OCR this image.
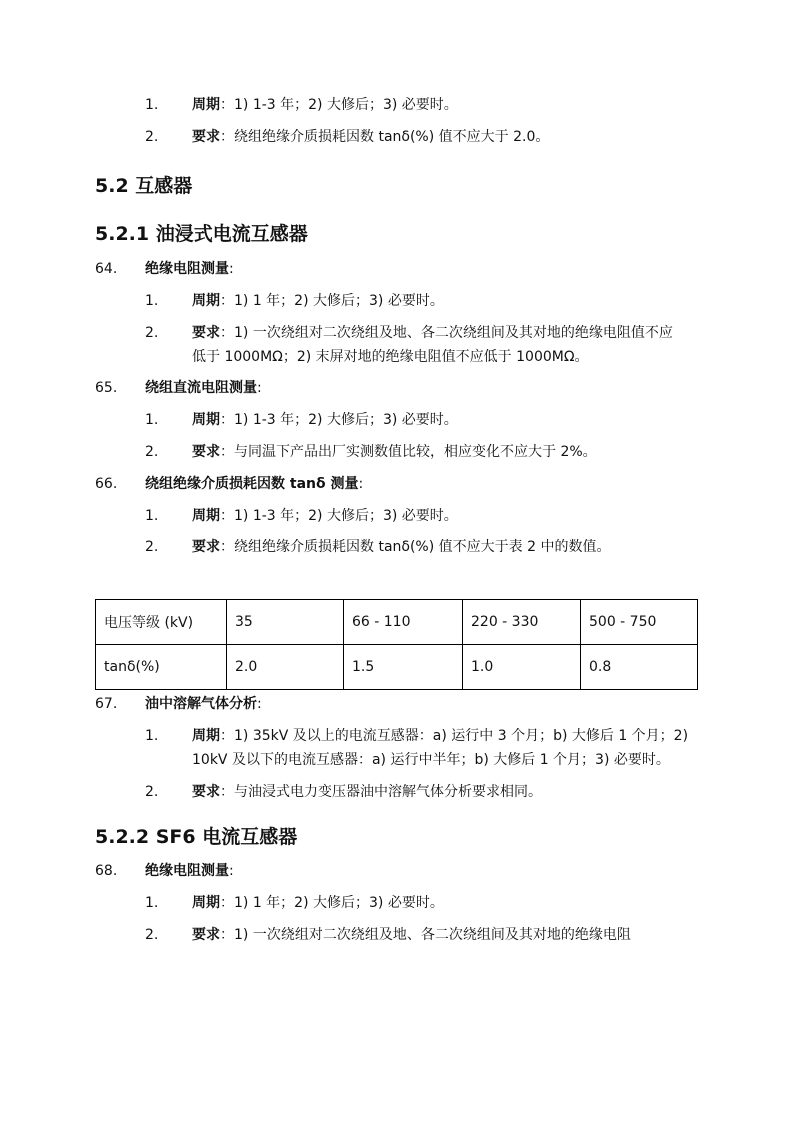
1. 周期：1) 1-3 年；2) 大修后；3) 必要时。
2. 要求：绕组绝缘介质损耗因数 tanδ(%) 值不应大于 2.0。
5.2 互感器
5.2.1 油浸式电流互感器
64. 绝缘电阻测量:
1. 周期：1) 1 年；2) 大修后；3) 必要时。
2. 要求：1) 一次绕组对二次绕组及地、各二次绕组间及其对地的绝缘电阻值不应
低于 1000MΩ；2) 末屏对地的绝缘电阻值不应低于 1000MΩ。
65. 绕组直流电阻测量:
1. 周期：1) 1-3 年；2) 大修后；3) 必要时。
2. 要求：与同温下产品出厂实测数值比较，相应变化不应大于 2%。
66. 绕组绝缘介质损耗因数 tanδ 测量:
1. 周期：1) 1-3 年；2) 大修后；3) 必要时。
2. 要求：绕组绝缘介质损耗因数 tanδ(%) 值不应大于表 2 中的数值。
电压等级 (kV)	35	66 - 110	220 - 330	500 - 750
tanδ(%)	2.0	1.5	1.0	0.8
67. 油中溶解气体分析:
1. 周期：1) 35kV 及以上的电流互感器：a) 运行中 3 个月；b) 大修后 1 个月；2)
10kV 及以下的电流互感器：a) 运行中半年；b) 大修后 1 个月；3) 必要时。
2. 要求：与油浸式电力变压器油中溶解气体分析要求相同。
5.2.2 SF6 电流互感器
68. 绝缘电阻测量:
1. 周期：1) 1 年；2) 大修后；3) 必要时。
2. 要求：1) 一次绕组对二次绕组及地、各二次绕组间及其对地的绝缘电阻
